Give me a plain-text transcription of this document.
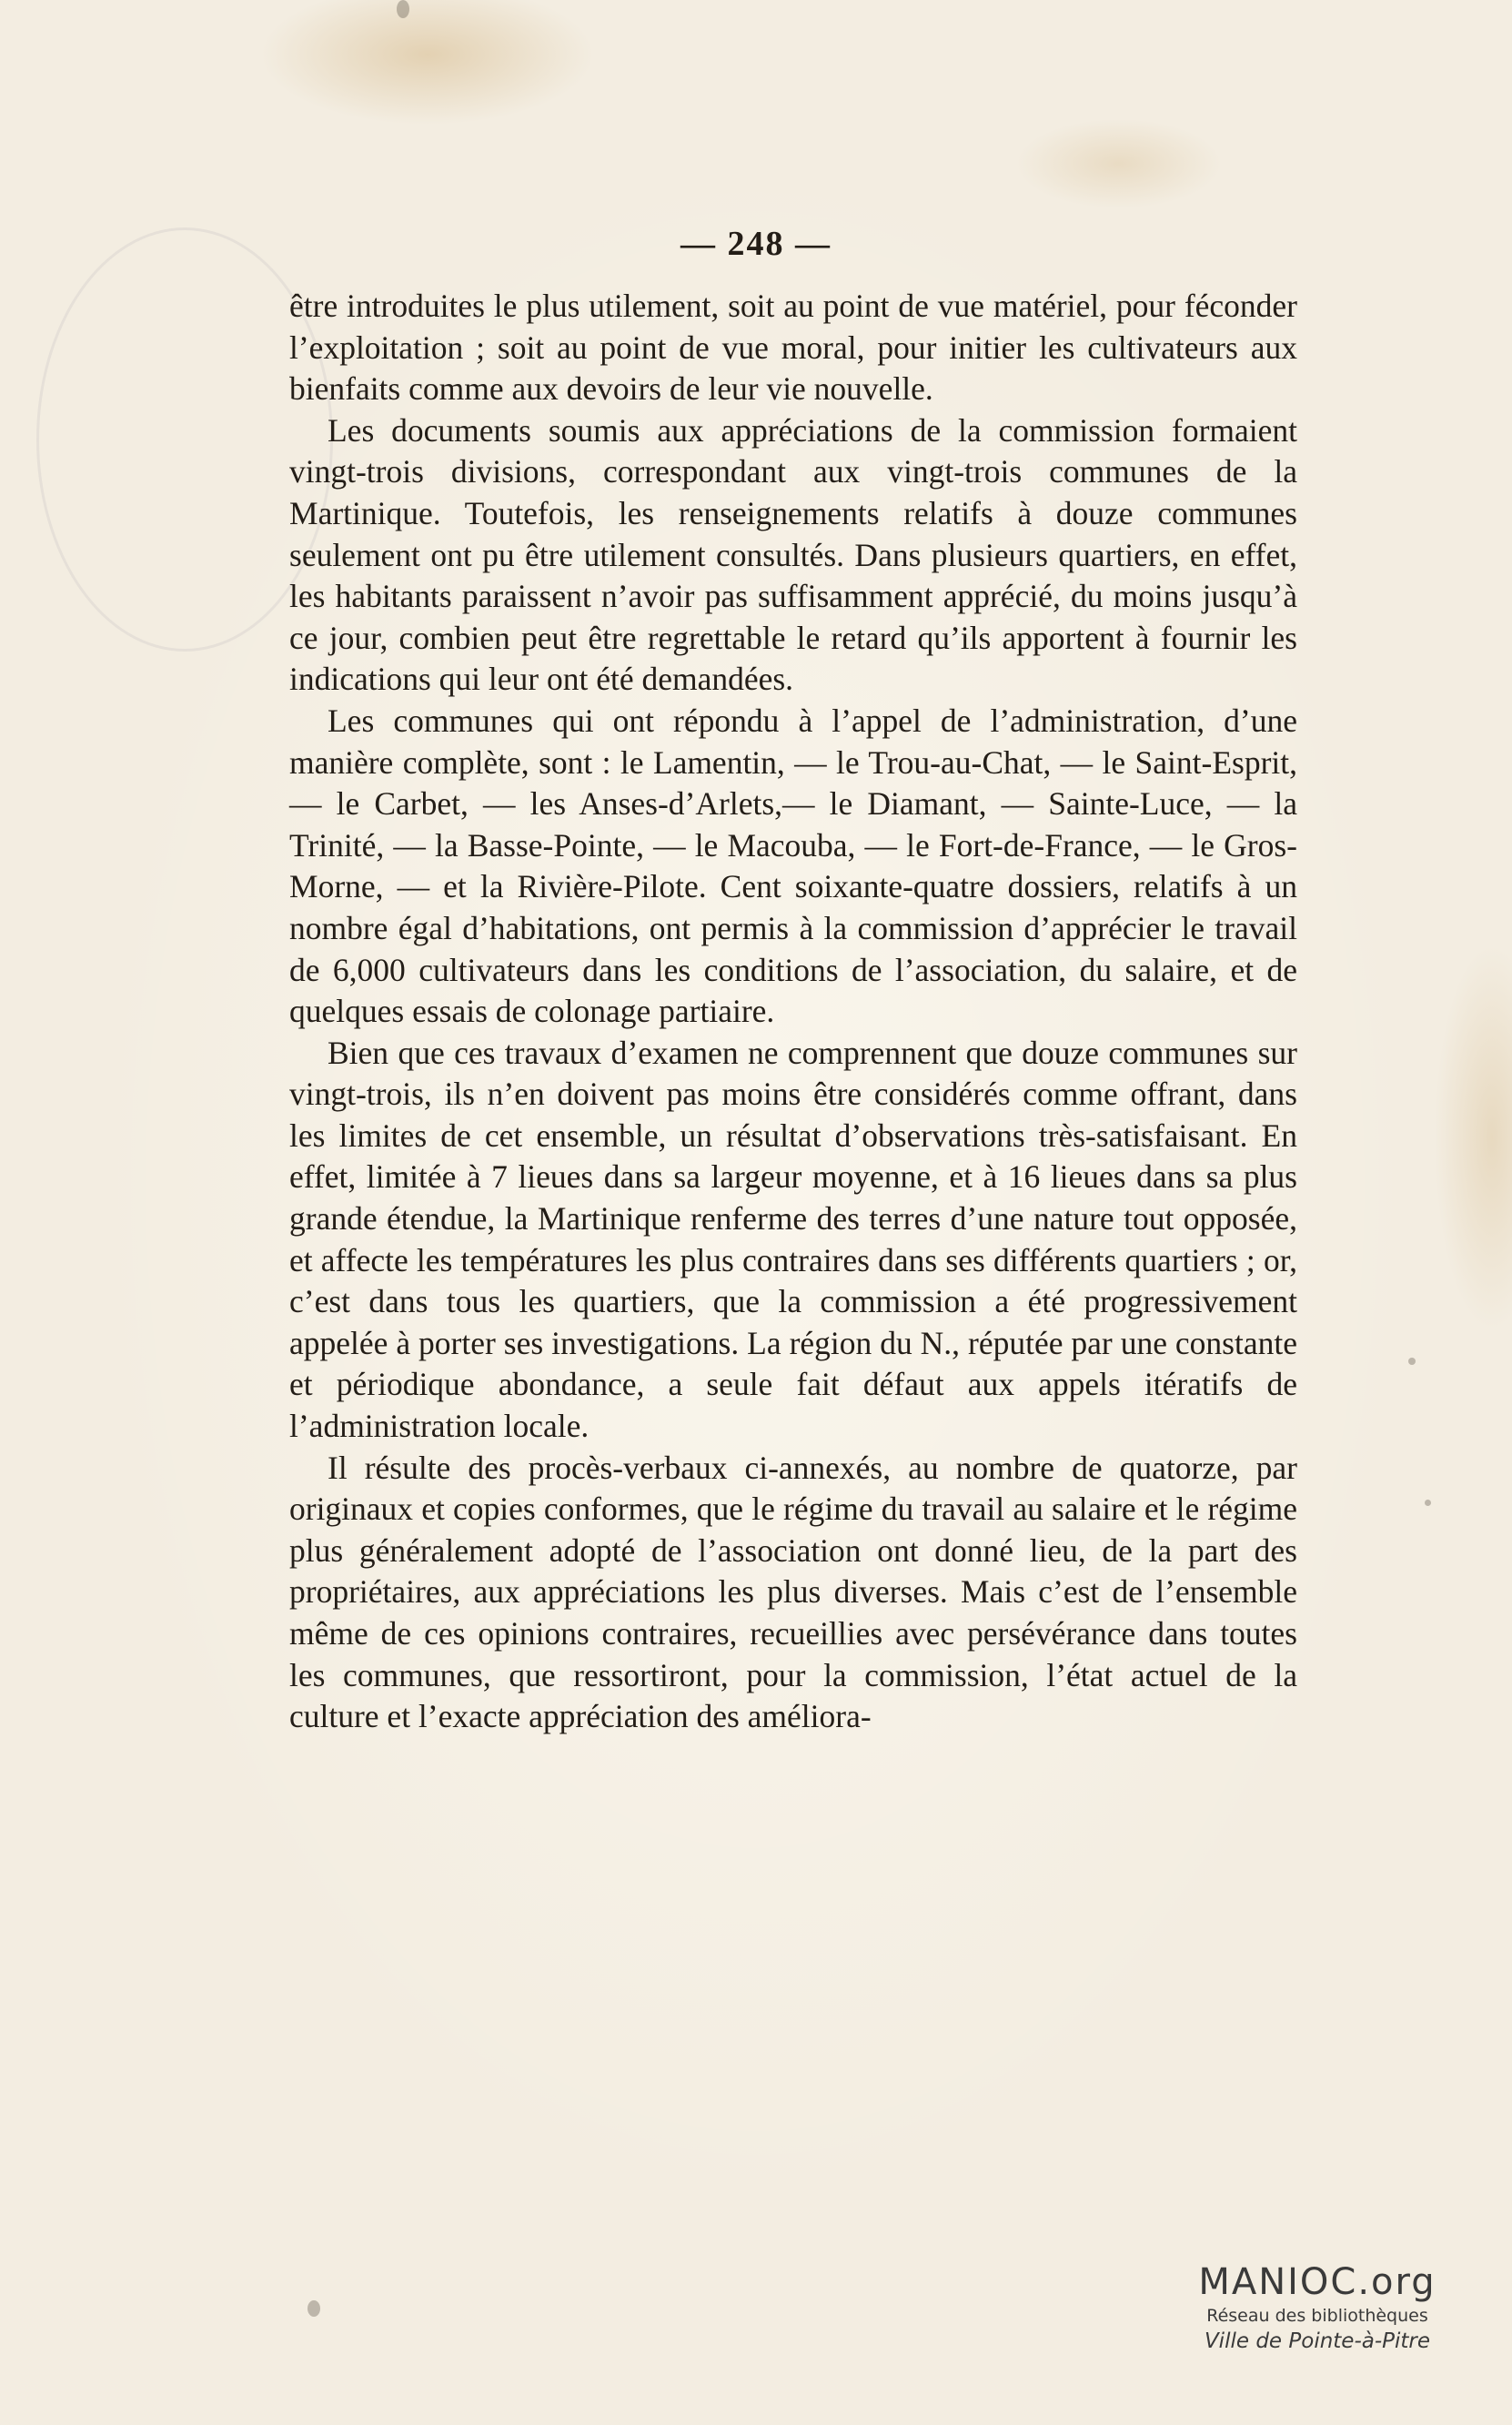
— 248 —

être introduites le plus utilement, soit au point de vue matériel, pour féconder l’exploitation ; soit au point de vue moral, pour initier les cultivateurs aux bienfaits comme aux devoirs de leur vie nouvelle.

Les documents soumis aux appréciations de la commission formaient vingt-trois divisions, correspondant aux vingt-trois communes de la Martinique. Toutefois, les renseignements relatifs à douze communes seulement ont pu être utilement consultés. Dans plusieurs quartiers, en effet, les habitants paraissent n’avoir pas suffisamment apprécié, du moins jusqu’à ce jour, combien peut être regrettable le retard qu’ils apportent à fournir les indications qui leur ont été demandées.

Les communes qui ont répondu à l’appel de l’administration, d’une manière complète, sont : le Lamentin, — le Trou-au-Chat, — le Saint-Esprit, — le Carbet, — les Anses-d’Arlets,— le Diamant, — Sainte-Luce, — la Trinité, — la Basse-Pointe, — le Macouba, — le Fort-de-France, — le Gros-Morne, — et la Rivière-Pilote. Cent soixante-quatre dossiers, relatifs à un nombre égal d’habitations, ont permis à la commission d’apprécier le travail de 6,000 cultivateurs dans les conditions de l’association, du salaire, et de quelques essais de colonage partiaire.

Bien que ces travaux d’examen ne comprennent que douze communes sur vingt-trois, ils n’en doivent pas moins être considérés comme offrant, dans les limites de cet ensemble, un résultat d’observations très-satisfaisant. En effet, limitée à 7 lieues dans sa largeur moyenne, et à 16 lieues dans sa plus grande étendue, la Martinique renferme des terres d’une nature tout opposée, et affecte les températures les plus contraires dans ses différents quartiers ; or, c’est dans tous les quartiers, que la commission a été progressivement appelée à porter ses investigations. La région du N., réputée par une constante et périodique abondance, a seule fait défaut aux appels itératifs de l’administration locale.

Il résulte des procès-verbaux ci-annexés, au nombre de quatorze, par originaux et copies conformes, que le régime du travail au salaire et le régime plus généralement adopté de l’association ont donné lieu, de la part des propriétaires, aux appréciations les plus diverses. Mais c’est de l’ensemble même de ces opinions contraires, recueillies avec persévérance dans toutes les communes, que ressortiront, pour la commission, l’état actuel de la culture et l’exacte appréciation des améliora-

MANIOC.org
Réseau des bibliothèques
Ville de Pointe-à-Pitre
